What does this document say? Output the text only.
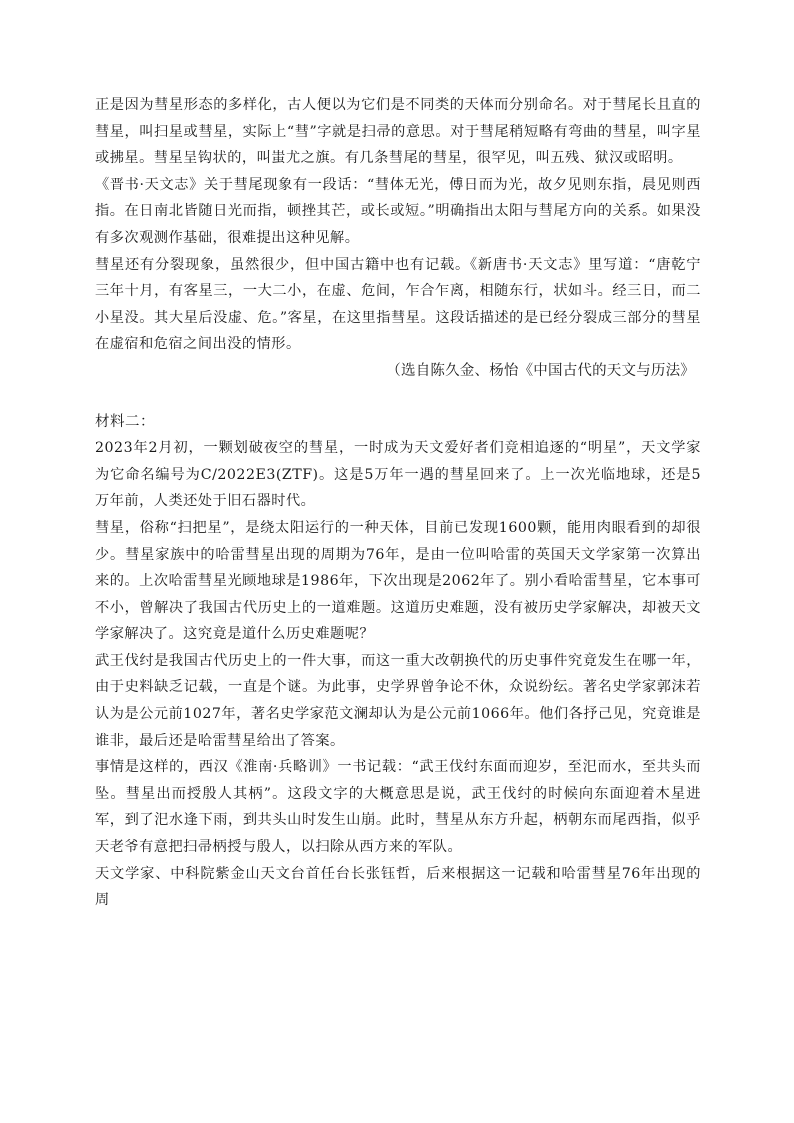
正是因为彗星形态的多样化，古人便以为它们是不同类的天体而分别命名。对于彗尾长且直的彗星，叫扫星或彗星，实际上“彗”字就是扫帚的意思。对于彗尾稍短略有弯曲的彗星，叫字星或拂星。彗星呈钩状的，叫蚩尤之旗。有几条彗尾的彗星，很罕见，叫五残、狱汉或昭明。

《晋书·天文志》关于彗尾现象有一段话：“彗体无光，傅日而为光，故夕见则东指，晨见则西指。在日南北皆随日光而指，顿挫其芒，或长或短。”明确指出太阳与彗尾方向的关系。如果没有多次观测作基础，很难提出这种见解。

彗星还有分裂现象，虽然很少，但中国古籍中也有记载。《新唐书·天文志》里写道：“唐乾宁三年十月，有客星三，一大二小，在虚、危间，乍合乍离，相随东行，状如斗。经三日，而二小星没。其大星后没虚、危。”客星，在这里指彗星。这段话描述的是已经分裂成三部分的彗星在虚宿和危宿之间出没的情形。

（选自陈久金、杨怡《中国古代的天文与历法》

材料二：

2023年2月初，一颗划破夜空的彗星，一时成为天文爱好者们竞相追逐的“明星”，天文学家为它命名编号为C/2022E3(ZTF)。这是5万年一遇的彗星回来了。上一次光临地球，还是5万年前，人类还处于旧石器时代。

彗星，俗称“扫把星”，是绕太阳运行的一种天体，目前已发现1600颗，能用肉眼看到的却很少。彗星家族中的哈雷彗星出现的周期为76年，是由一位叫哈雷的英国天文学家第一次算出来的。上次哈雷彗星光顾地球是1986年，下次出现是2062年了。别小看哈雷彗星，它本事可不小，曾解决了我国古代历史上的一道难题。这道历史难题，没有被历史学家解决，却被天文学家解决了。这究竟是道什么历史难题呢？

武王伐纣是我国古代历史上的一件大事，而这一重大改朝换代的历史事件究竟发生在哪一年，由于史料缺乏记载，一直是个谜。为此事，史学界曾争论不休，众说纷纭。著名史学家郭沫若认为是公元前1027年，著名史学家范文澜却认为是公元前1066年。他们各抒己见，究竟谁是谁非，最后还是哈雷彗星给出了答案。

事情是这样的，西汉《淮南·兵略训》一书记载：“武王伐纣东面而迎岁，至汜而水，至共头而坠。彗星出而授殷人其柄”。这段文字的大概意思是说，武王伐纣的时候向东面迎着木星进军，到了汜水逢下雨，到共头山时发生山崩。此时，彗星从东方升起，柄朝东而尾西指，似乎天老爷有意把扫帚柄授与殷人，以扫除从西方来的军队。

天文学家、中科院紫金山天文台首任台长张钰哲，后来根据这一记载和哈雷彗星76年出现的周
